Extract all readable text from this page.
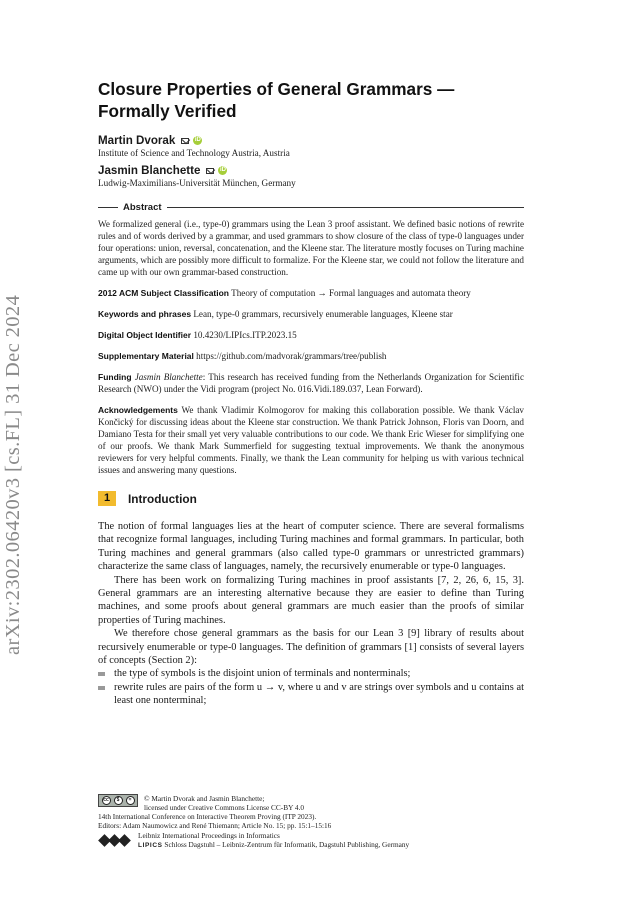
arXiv:2302.06420v3 [cs.FL] 31 Dec 2024
Closure Properties of General Grammars — Formally Verified
Martin Dvorak	iD
Institute of Science and Technology Austria, Austria
Jasmin Blanchette	iD
Ludwig-Maximilians-Universität München, Germany
Abstract

We formalized general (i.e., type-0) grammars using the Lean 3 proof assistant. We defined basic notions of rewrite rules and of words derived by a grammar, and used grammars to show closure of the class of type-0 languages under four operations: union, reversal, concatenation, and the Kleene star. The literature mostly focuses on Turing machine arguments, which are possibly more difficult to formalize. For the Kleene star, we could not follow the literature and came up with our own grammar-based construction.

2012 ACM Subject Classification Theory of computation → Formal languages and automata theory

Keywords and phrases Lean, type-0 grammars, recursively enumerable languages, Kleene star

Digital Object Identifier 10.4230/LIPIcs.ITP.2023.15

Supplementary Material https://github.com/madvorak/grammars/tree/publish

Funding Jasmin Blanchette: This research has received funding from the Netherlands Organization for Scientific Research (NWO) under the Vidi program (project No. 016.Vidi.189.037, Lean Forward).

Acknowledgements We thank Vladimir Kolmogorov for making this collaboration possible. We thank Václav Končický for discussing ideas about the Kleene star construction. We thank Patrick Johnson, Floris van Doorn, and Damiano Testa for their small yet very valuable contributions to our code. We thank Eric Wieser for simplifying one of our proofs. We thank Mark Summerfield for suggesting textual improvements. We thank the anonymous reviewers for very helpful comments. Finally, we thank the Lean community for helping us with various technical issues and answering many questions.

1	Introduction

The notion of formal languages lies at the heart of computer science. There are several formalisms that recognize formal languages, including Turing machines and formal grammars. In particular, both Turing machines and general grammars (also called type-0 grammars or unrestricted grammars) characterize the same class of languages, namely, the recursively enumerable or type-0 languages.

There has been work on formalizing Turing machines in proof assistants [7, 2, 26, 6, 15, 3]. General grammars are an interesting alternative because they are easier to define than Turing machines, and some proofs about general grammars are much easier than the proofs of similar properties of Turing machines.

We therefore chose general grammars as the basis for our Lean 3 [9] library of results about recursively enumerable or type-0 languages. The definition of grammars [1] consists of several layers of concepts (Section 2):

the type of symbols is the disjoint union of terminals and nonterminals;
rewrite rules are pairs of the form u → v, where u and v are strings over symbols and u contains at least one nonterminal;
cc	$	=	© Martin Dvorak and Jasmin Blanchette;
licensed under Creative Commons License CC-BY 4.0
14th International Conference on Interactive Theorem Proving (ITP 2023).
Editors: Adam Naumowicz and René Thiemann; Article No. 15; pp. 15:1–15:16
Leibniz International Proceedings in Informatics
LIPICS Schloss Dagstuhl – Leibniz-Zentrum für Informatik, Dagstuhl Publishing, Germany
